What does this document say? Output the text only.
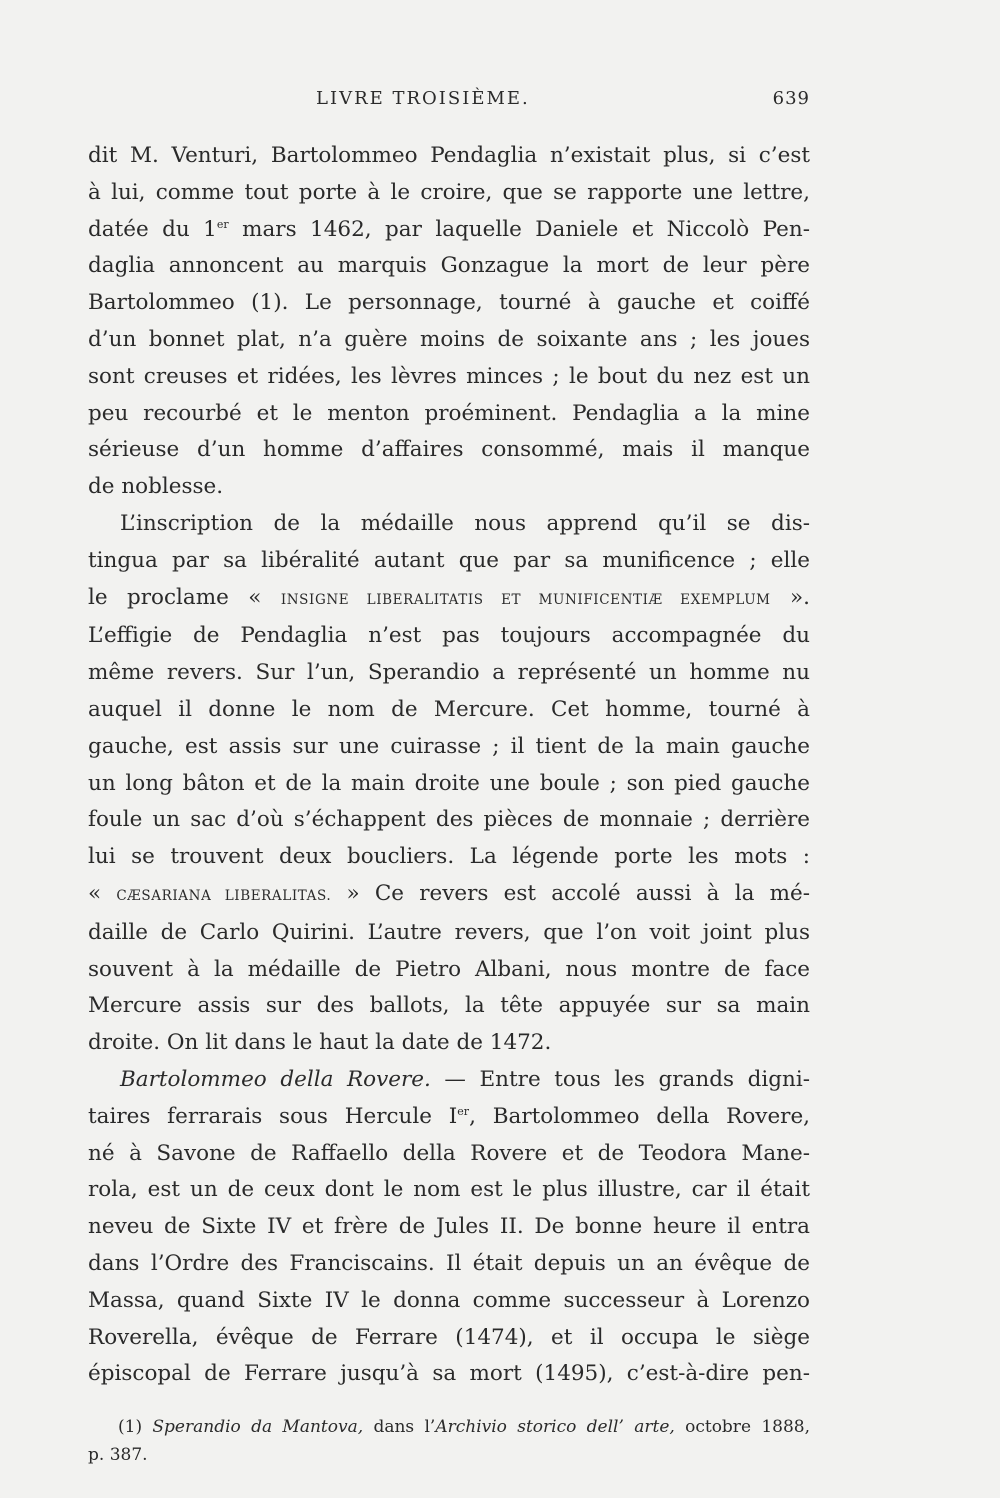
LIVRE TROISIÈME.	639

dit M. Venturi, Bartolommeo Pendaglia n’existait plus, si c’est

à lui, comme tout porte à le croire, que se rapporte une lettre,

datée du 1er mars 1462, par laquelle Daniele et Niccolò Pen-

daglia annoncent au marquis Gonzague la mort de leur père

Bartolommeo (1). Le personnage, tourné à gauche et coiffé

d’un bonnet plat, n’a guère moins de soixante ans ; les joues

sont creuses et ridées, les lèvres minces ; le bout du nez est un

peu recourbé et le menton proéminent. Pendaglia a la mine

sérieuse d’un homme d’affaires consommé, mais il manque

de noblesse.

L’inscription de la médaille nous apprend qu’il se dis-

tingua par sa libéralité autant que par sa munificence ; elle

le proclame « INSIGNE LIBERALITATIS ET MUNIFICENTIÆ EXEMPLUM ».

L’effigie de Pendaglia n’est pas toujours accompagnée du

même revers. Sur l’un, Sperandio a représenté un homme nu

auquel il donne le nom de Mercure. Cet homme, tourné à

gauche, est assis sur une cuirasse ; il tient de la main gauche

un long bâton et de la main droite une boule ; son pied gauche

foule un sac d’où s’échappent des pièces de monnaie ; derrière

lui se trouvent deux boucliers. La légende porte les mots :

« CÆSARIANA LIBERALITAS. » Ce revers est accolé aussi à la mé-

daille de Carlo Quirini. L’autre revers, que l’on voit joint plus

souvent à la médaille de Pietro Albani, nous montre de face

Mercure assis sur des ballots, la tête appuyée sur sa main

droite. On lit dans le haut la date de 1472.

Bartolommeo della Rovere. — Entre tous les grands digni-

taires ferrarais sous Hercule Ier, Bartolommeo della Rovere,

né à Savone de Raffaello della Rovere et de Teodora Mane-

rola, est un de ceux dont le nom est le plus illustre, car il était

neveu de Sixte IV et frère de Jules II. De bonne heure il entra

dans l’Ordre des Franciscains. Il était depuis un an évêque de

Massa, quand Sixte IV le donna comme successeur à Lorenzo

Roverella, évêque de Ferrare (1474), et il occupa le siège

épiscopal de Ferrare jusqu’à sa mort (1495), c’est-à-dire pen-

(1) Sperandio da Mantova, dans l’Archivio storico dell’ arte, octobre 1888,

p. 387.
